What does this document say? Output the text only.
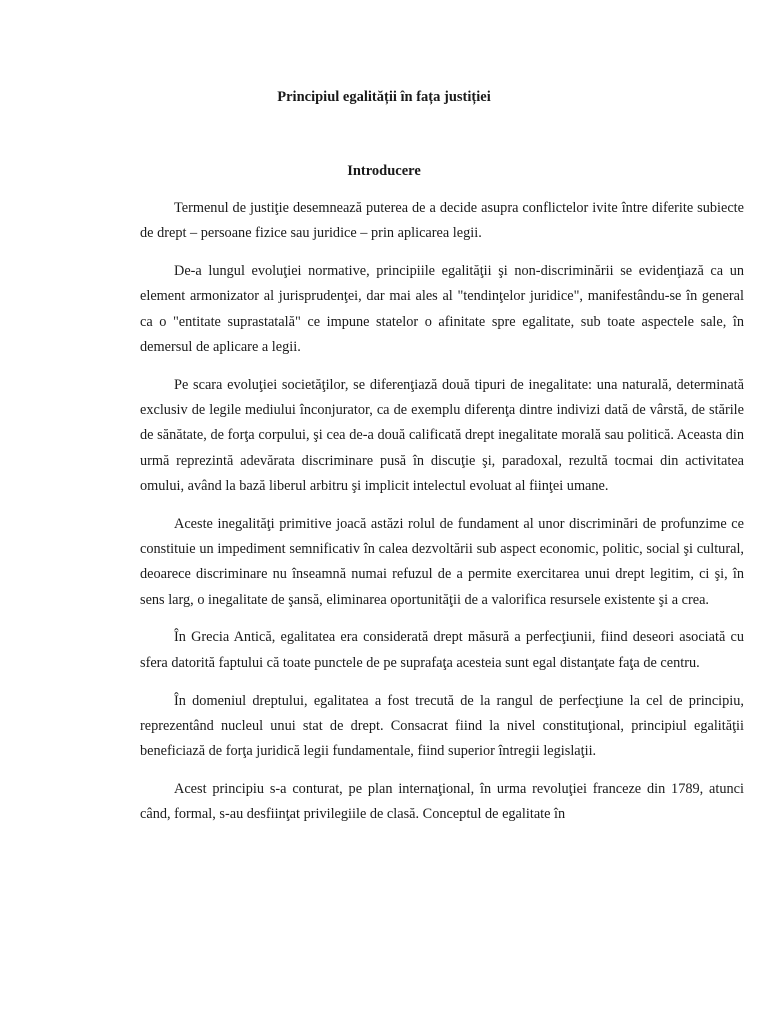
Principiul egalității în fața justiției
Introducere

Termenul de justiţie desemnează puterea de a decide asupra conflictelor ivite între diferite subiecte de drept – persoane fizice sau juridice – prin aplicarea legii.

De-a lungul evoluţiei normative, principiile egalităţii şi non-discriminării se evidenţiază ca un element armonizator al jurisprudenţei, dar mai ales al "tendinţelor juridice", manifestându-se în general ca o "entitate suprastatală" ce impune statelor o afinitate spre egalitate, sub toate aspectele sale, în demersul de aplicare a legii.

Pe scara evoluţiei societăţilor, se diferenţiază două tipuri de inegalitate: una naturală, determinată exclusiv de legile mediului înconjurator, ca de exemplu diferenţa dintre indivizi dată de vârstă, de stările de sănătate, de forţa corpului, şi cea de-a două calificată drept inegalitate morală sau politică. Aceasta din urmă reprezintă adevărata discriminare pusă în discuţie şi, paradoxal, rezultă tocmai din activitatea omului, având la bază liberul arbitru şi implicit intelectul evoluat al fiinţei umane.

Aceste inegalităţi primitive joacă astăzi rolul de fundament al unor discriminări de profunzime ce constituie un impediment semnificativ în calea dezvoltării sub aspect economic, politic, social şi cultural, deoarece discriminare nu înseamnă numai refuzul de a permite exercitarea unui drept legitim, ci şi, în sens larg, o inegalitate de şansă, eliminarea oportunităţii de a valorifica resursele existente şi a crea.

În Grecia Antică, egalitatea era considerată drept măsură a perfecţiunii, fiind deseori asociată cu sfera datorită faptului că toate punctele de pe suprafaţa acesteia sunt egal distanţate faţa de centru.

În domeniul dreptului, egalitatea a fost trecută de la rangul de perfecţiune la cel de principiu, reprezentând nucleul unui stat de drept. Consacrat fiind la nivel constituţional, principiul egalităţii beneficiază de forţa juridică legii fundamentale, fiind superior întregii legislaţii.

Acest principiu s-a conturat, pe plan internaţional, în urma revoluţiei franceze din 1789, atunci când, formal, s-au desfiinţat privilegiile de clasă. Conceptul de egalitate în
